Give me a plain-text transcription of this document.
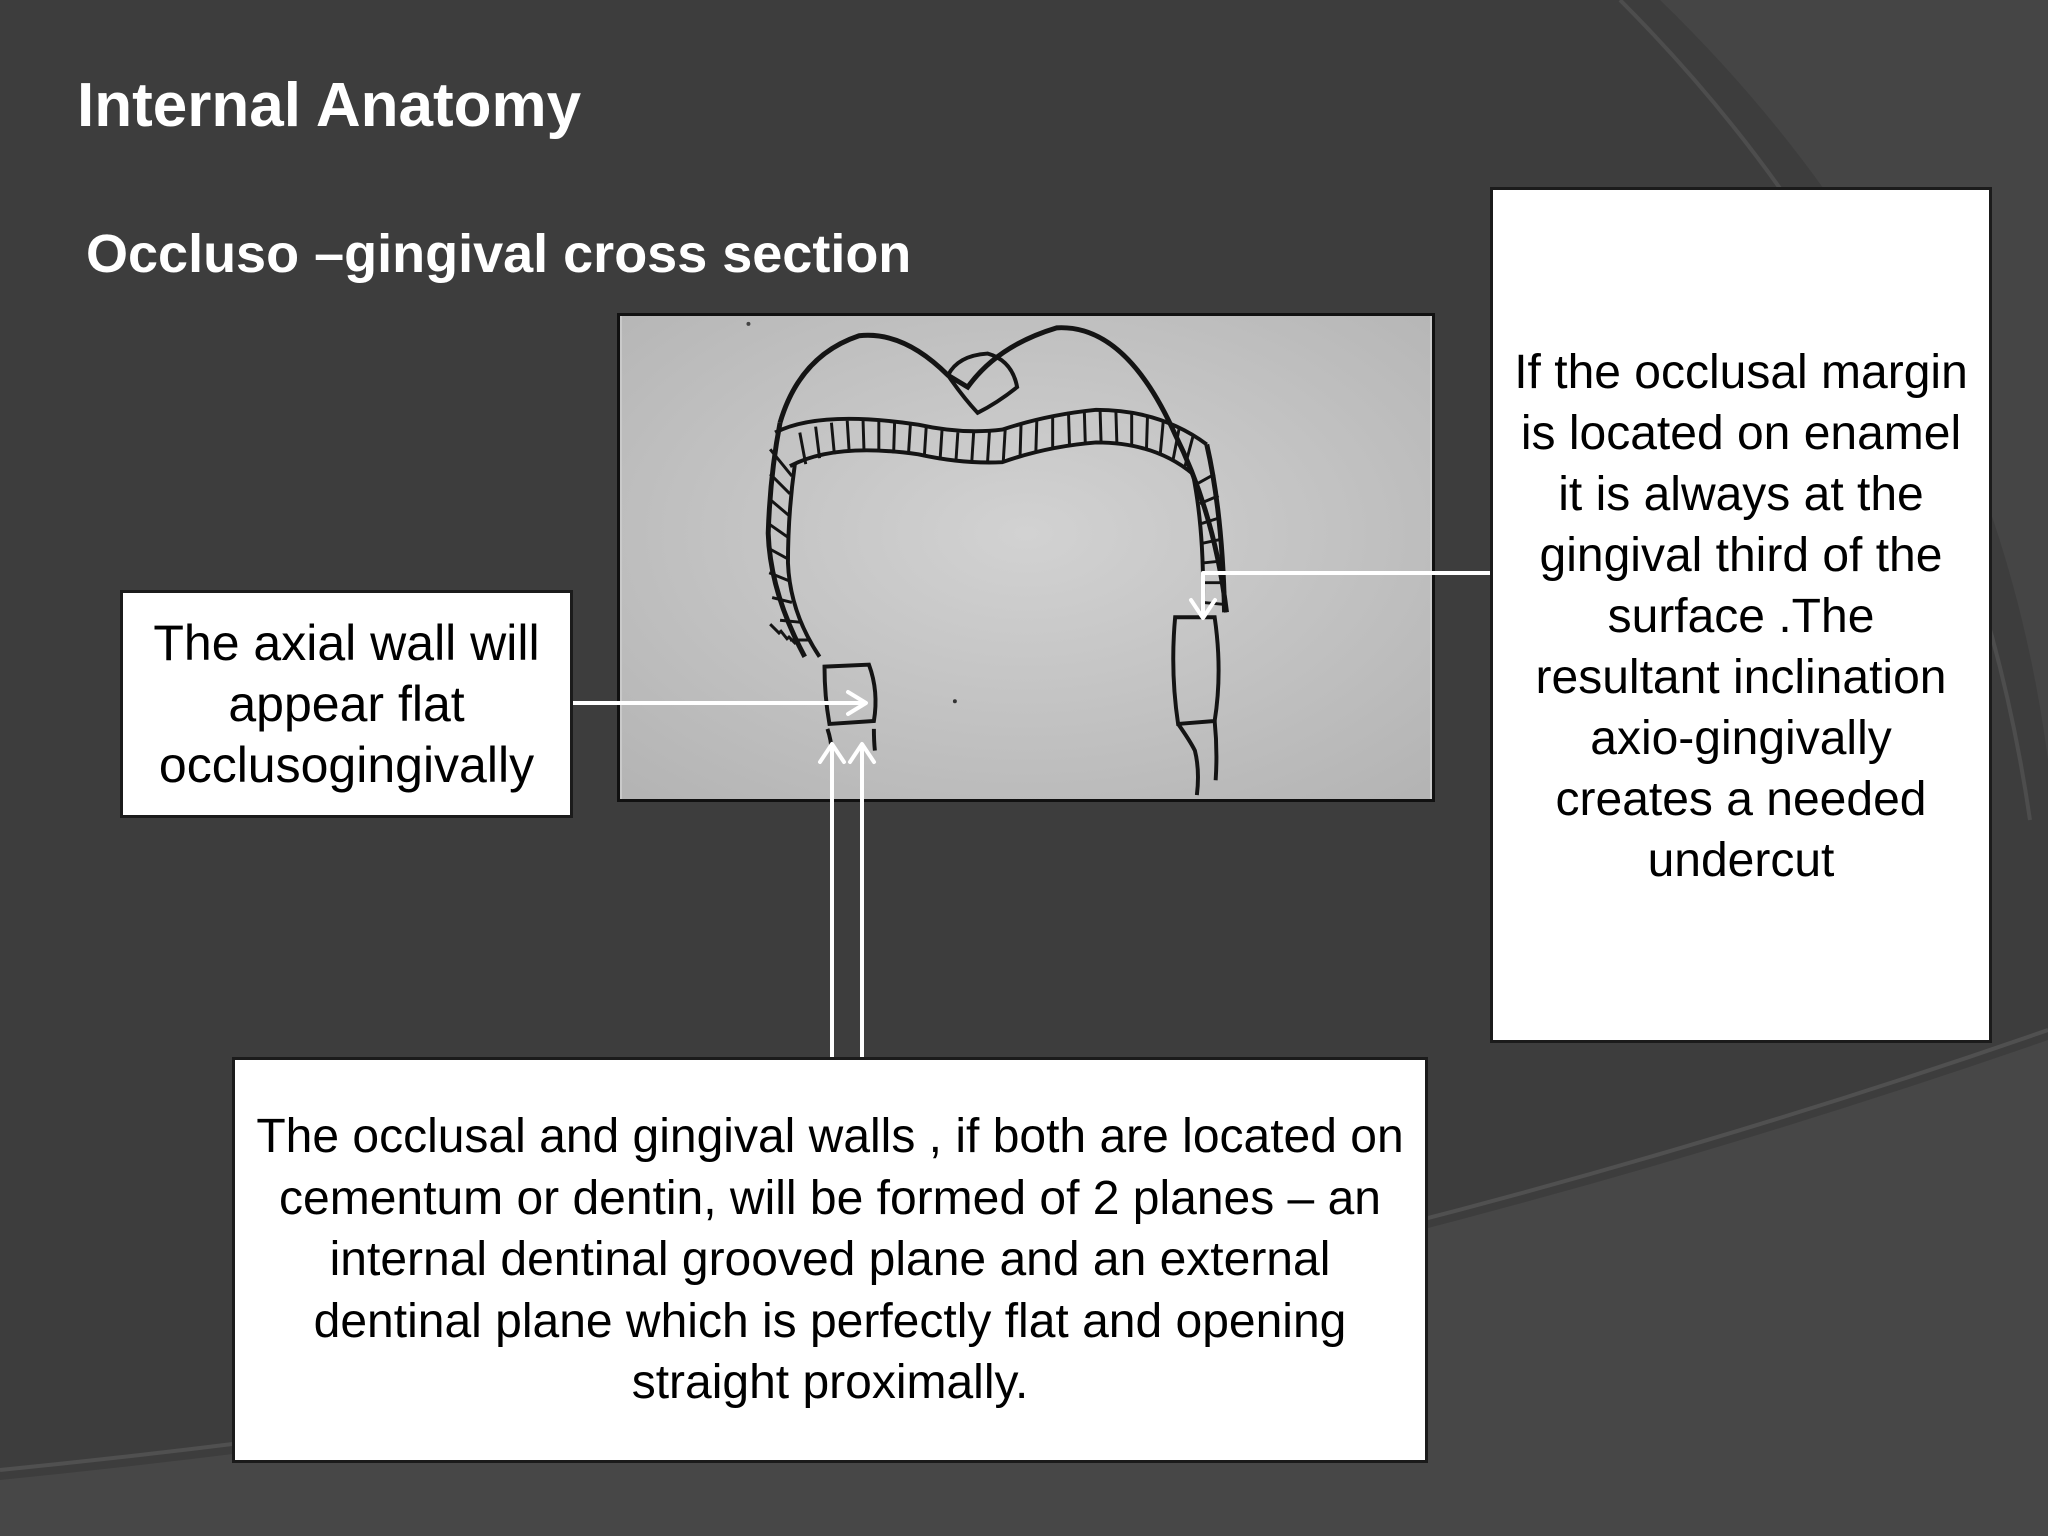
Internal Anatomy
Occluso –gingival cross section
The axial wall will appear flat occlusogingivally
If the occlusal margin is located on enamel it is always at the gingival third of the surface .The resultant inclination axio-gingivally creates a needed undercut
The occlusal and gingival walls , if both are located on cementum or dentin, will be formed of 2 planes – an internal dentinal grooved plane and an external dentinal plane which is perfectly flat and opening straight proximally.
